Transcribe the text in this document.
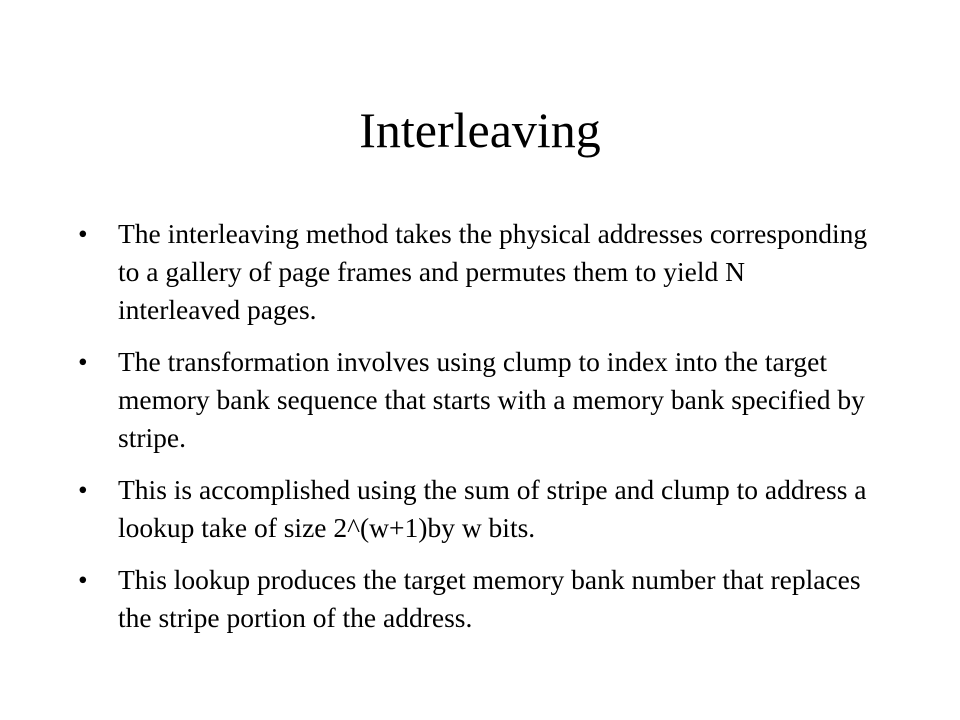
Interleaving
• The interleaving method takes the physical addresses corresponding to a gallery of page frames and permutes them to yield N interleaved pages.
• The transformation involves using clump to index into the target memory bank sequence that starts with a memory bank specified by stripe.
• This is accomplished using the sum of stripe and clump to address a lookup take of size 2^(w+1)by w bits.
• This lookup produces the target memory bank number that replaces the stripe portion of the address.
